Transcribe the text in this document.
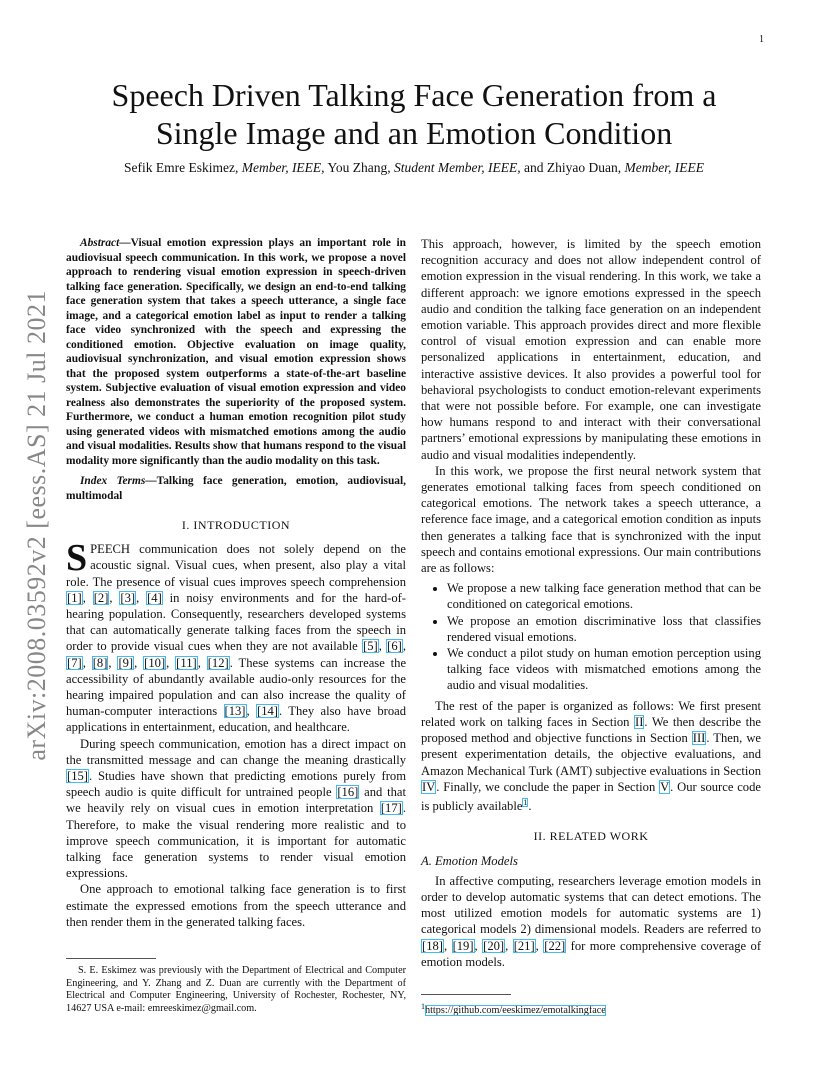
1
arXiv:2008.03592v2 [eess.AS] 21 Jul 2021
Speech Driven Talking Face Generation from a
Single Image and an Emotion Condition
Sefik Emre Eskimez, Member, IEEE, You Zhang, Student Member, IEEE, and Zhiyao Duan, Member, IEEE

Abstract—Visual emotion expression plays an important role in audiovisual speech communication. In this work, we propose a novel approach to rendering visual emotion expression in speech-driven talking face generation. Specifically, we design an end-to-end talking face generation system that takes a speech utterance, a single face image, and a categorical emotion label as input to render a talking face video synchronized with the speech and expressing the conditioned emotion. Objective evaluation on image quality, audiovisual synchronization, and visual emotion expression shows that the proposed system outperforms a state-of-the-art baseline system. Subjective evaluation of visual emotion expression and video realness also demonstrates the superiority of the proposed system. Furthermore, we conduct a human emotion recognition pilot study using generated videos with mismatched emotions among the audio and visual modalities. Results show that humans respond to the visual modality more significantly than the audio modality on this task.

Index Terms—Talking face generation, emotion, audiovisual, multimodal

I. INTRODUCTION

SPEECH communication does not solely depend on the acoustic signal. Visual cues, when present, also play a vital role. The presence of visual cues improves speech comprehension [1], [2], [3], [4] in noisy environments and for the hard-of-hearing population. Consequently, researchers developed systems that can automatically generate talking faces from the speech in order to provide visual cues when they are not available [5], [6], [7], [8], [9], [10], [11], [12]. These systems can increase the accessibility of abundantly available audio-only resources for the hearing impaired population and can also increase the quality of human-computer interactions [13], [14]. They also have broad applications in entertainment, education, and healthcare.

During speech communication, emotion has a direct impact on the transmitted message and can change the meaning drastically [15]. Studies have shown that predicting emotions purely from speech audio is quite difficult for untrained people [16] and that we heavily rely on visual cues in emotion interpretation [17]. Therefore, to make the visual rendering more realistic and to improve speech communication, it is important for automatic talking face generation systems to render visual emotion expressions.

One approach to emotional talking face generation is to first estimate the expressed emotions from the speech utterance and then render them in the generated talking faces.

S. E. Eskimez was previously with the Department of Electrical and Computer Engineering, and Y. Zhang and Z. Duan are currently with the Department of Electrical and Computer Engineering, University of Rochester, Rochester, NY, 14627 USA e-mail: emreeskimez@gmail.com.

This approach, however, is limited by the speech emotion recognition accuracy and does not allow independent control of emotion expression in the visual rendering. In this work, we take a different approach: we ignore emotions expressed in the speech audio and condition the talking face generation on an independent emotion variable. This approach provides direct and more flexible control of visual emotion expression and can enable more personalized applications in entertainment, education, and interactive assistive devices. It also provides a powerful tool for behavioral psychologists to conduct emotion-relevant experiments that were not possible before. For example, one can investigate how humans respond to and interact with their conversational partners’ emotional expressions by manipulating these emotions in audio and visual modalities independently.

In this work, we propose the first neural network system that generates emotional talking faces from speech conditioned on categorical emotions. The network takes a speech utterance, a reference face image, and a categorical emotion condition as inputs then generates a talking face that is synchronized with the input speech and contains emotional expressions. Our main contributions are as follows:

• We propose a new talking face generation method that can be conditioned on categorical emotions.
• We propose an emotion discriminative loss that classifies rendered visual emotions.
• We conduct a pilot study on human emotion perception using talking face videos with mismatched emotions among the audio and visual modalities.

The rest of the paper is organized as follows: We first present related work on talking faces in Section II. We then describe the proposed method and objective functions in Section III. Then, we present experimentation details, the objective evaluations, and Amazon Mechanical Turk (AMT) subjective evaluations in Section IV. Finally, we conclude the paper in Section V. Our source code is publicly available$^1$.

II. RELATED WORK
A. Emotion Models

In affective computing, researchers leverage emotion models in order to develop automatic systems that can detect emotions. The most utilized emotion models for automatic systems are 1) categorical models 2) dimensional models. Readers are referred to [18], [19], [20], [21], [22] for more comprehensive coverage of emotion models.

$^1$https://github.com/eeskimez/emotalkingface
